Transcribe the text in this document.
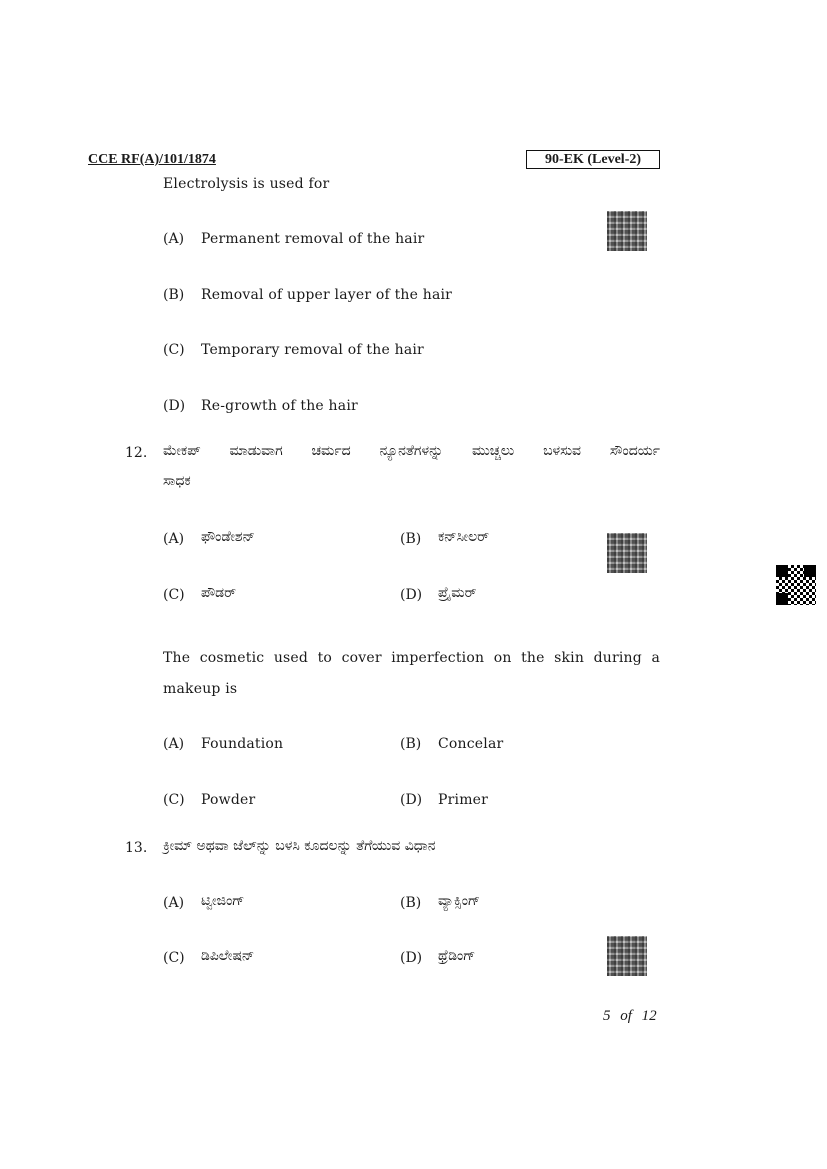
CCE RF(A)/101/1874	90-EK (Level-2)
Electrolysis is used for
(A) Permanent removal of the hair
(B) Removal of upper layer of the hair
(C) Temporary removal of the hair
(D) Re-growth of the hair
12. ಮೇಕಪ್ ಮಾಡುವಾಗ ಚರ್ಮದ ನ್ಯೂನತೆಗಳನ್ನು ಮುಚ್ಚಲು ಬಳಸುವ ಸೌಂದರ್ಯ
ಸಾಧಕ
(A) ಫೌಂಡೇಶನ್	(B) ಕನ್‌ಸೀಲರ್
(C) ಪೌಡರ್	(D) ಪ್ರೈಮರ್
The cosmetic used to cover imperfection on the skin during a
makeup is
(A) Foundation	(B) Concelar
(C) Powder	(D) Primer
13. ಕ್ರೀಮ್ ಅಥವಾ ಜೆಲ್‌ನ್ನು ಬಳಸಿ ಕೂದಲನ್ನು ತೆಗೆಯುವ ವಿಧಾನ
(A) ಟ್ವೀಜಿಂಗ್	(B) ವ್ಯಾಕ್ಸಿಂಗ್
(C) ಡಿಪಿಲೇಷನ್	(D) ಥ್ರೆಡಿಂಗ್
5 of 12
